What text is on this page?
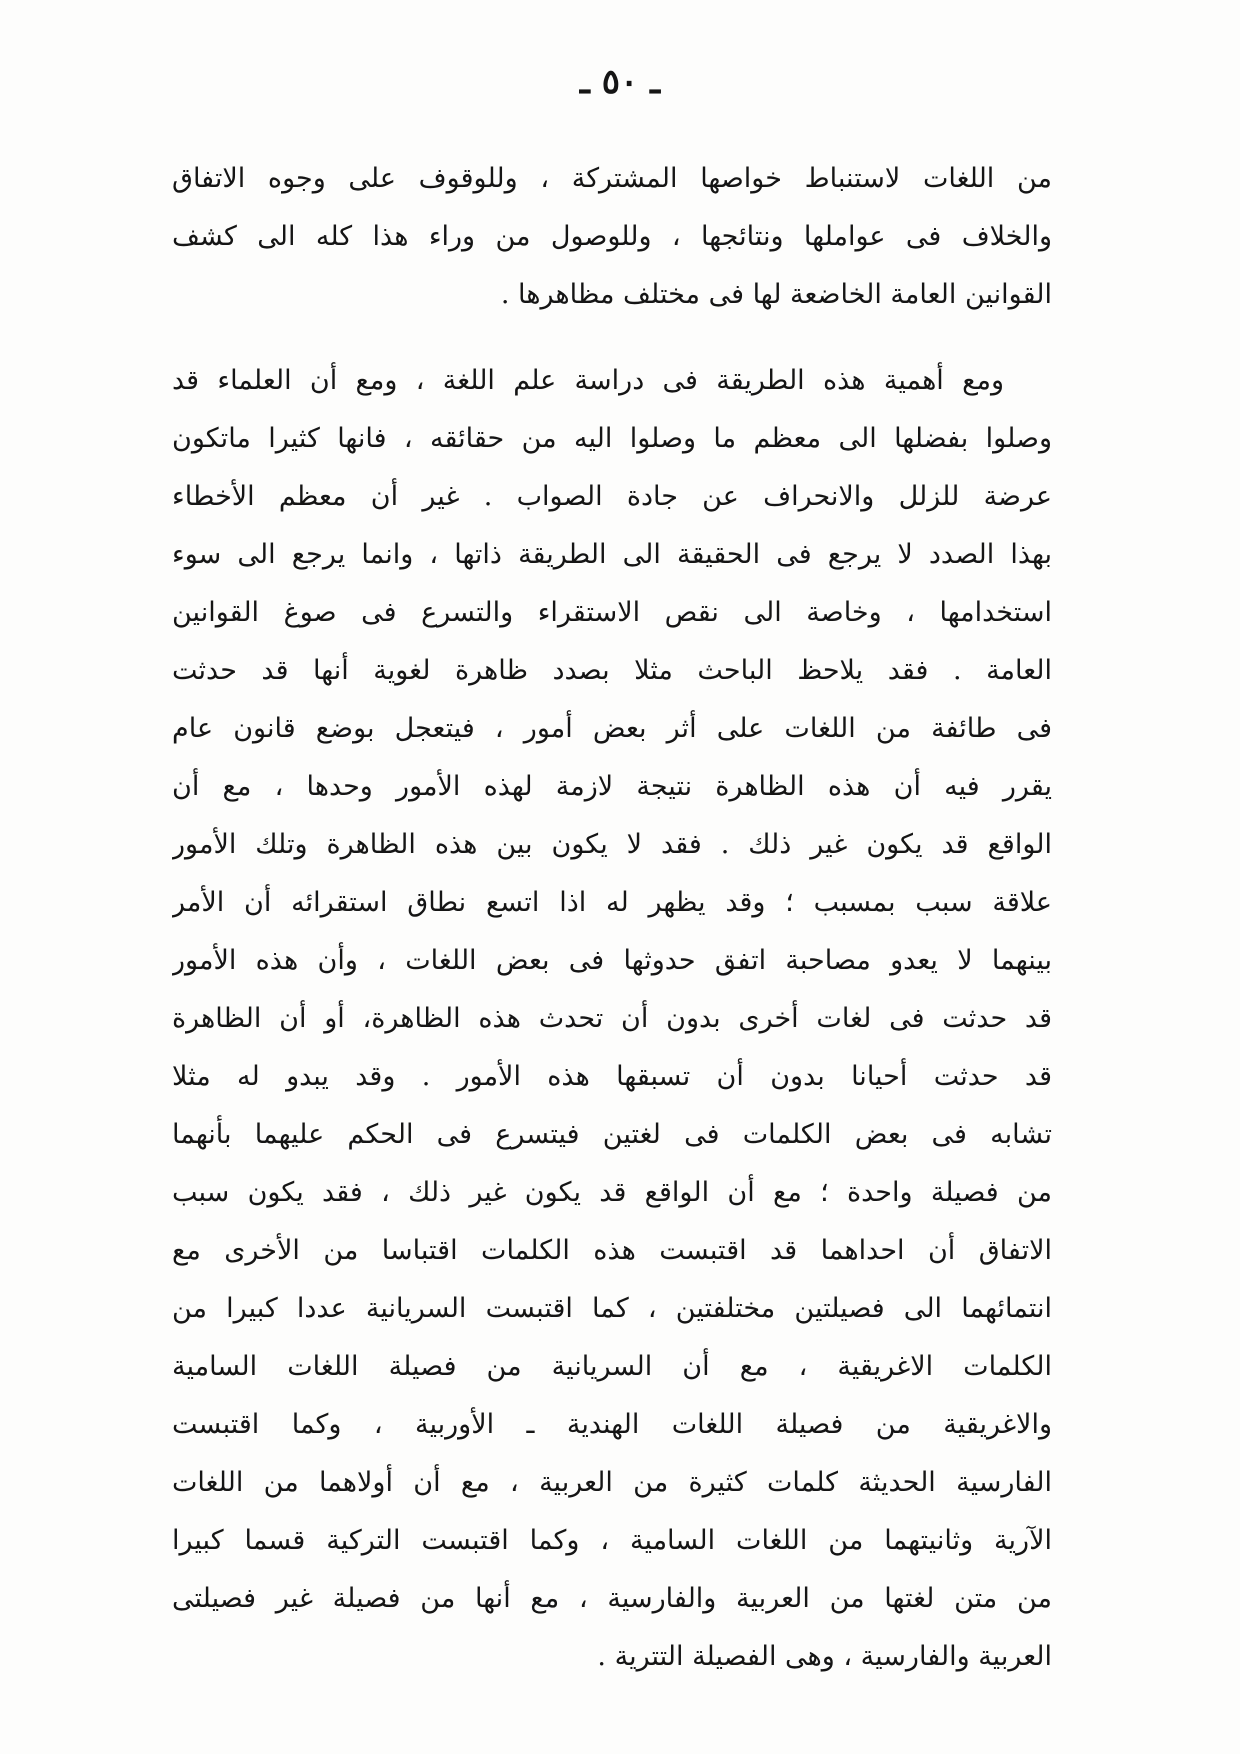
ـ ٥٠ ـ
من اللغات لاستنباط خواصها المشتركة ، وللوقوف على وجوه الاتفاق
والخلاف فى عواملها ونتائجها ، وللوصول من وراء هذا كله الى كشف
القوانين العامة الخاضعة لها فى مختلف مظاهرها .
ومع أهمية هذه الطريقة فى دراسة علم اللغة ، ومع أن العلماء قد
وصلوا بفضلها الى معظم ما وصلوا اليه من حقائقه ، فانها كثيرا ماتكون
عرضة للزلل والانحراف عن جادة الصواب . غير أن معظم الأخطاء
بهذا الصدد لا يرجع فى الحقيقة الى الطريقة ذاتها ، وانما يرجع الى سوء
استخدامها ، وخاصة الى نقص الاستقراء والتسرع فى صوغ القوانين
العامة . فقد يلاحظ الباحث مثلا بصدد ظاهرة لغوية أنها قد حدثت
فى طائفة من اللغات على أثر بعض أمور ، فيتعجل بوضع قانون عام
يقرر فيه أن هذه الظاهرة نتيجة لازمة لهذه الأمور وحدها ، مع أن
الواقع قد يكون غير ذلك . فقد لا يكون بين هذه الظاهرة وتلك الأمور
علاقة سبب بمسبب ؛ وقد يظهر له اذا اتسع نطاق استقرائه أن الأمر
بينهما لا يعدو مصاحبة اتفق حدوثها فى بعض اللغات ، وأن هذه الأمور
قد حدثت فى لغات أخرى بدون أن تحدث هذه الظاهرة، أو أن الظاهرة
قد حدثت أحيانا بدون أن تسبقها هذه الأمور . وقد يبدو له مثلا
تشابه فى بعض الكلمات فى لغتين فيتسرع فى الحكم عليهما بأنهما
من فصيلة واحدة ؛ مع أن الواقع قد يكون غير ذلك ، فقد يكون سبب
الاتفاق أن احداهما قد اقتبست هذه الكلمات اقتباسا من الأخرى مع
انتمائهما الى فصيلتين مختلفتين ، كما اقتبست السريانية عددا كبيرا من
الكلمات الاغريقية ، مع أن السريانية من فصيلة اللغات السامية
والاغريقية من فصيلة اللغات الهندية ـ الأوربية ، وكما اقتبست
الفارسية الحديثة كلمات كثيرة من العربية ، مع أن أولاهما من اللغات
الآرية وثانيتهما من اللغات السامية ، وكما اقتبست التركية قسما كبيرا
من متن لغتها من العربية والفارسية ، مع أنها من فصيلة غير فصيلتى
العربية والفارسية ، وهى الفصيلة التترية .
